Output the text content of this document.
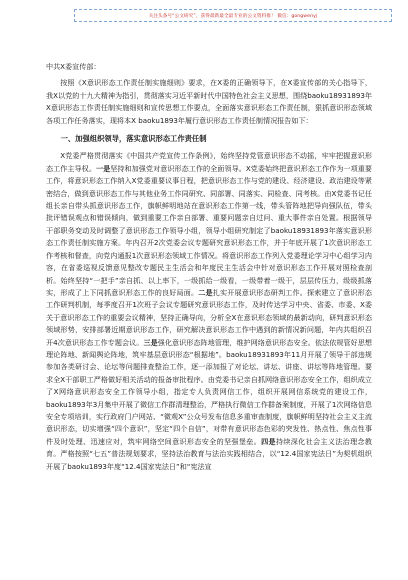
关注头条号“公文研究”，获得最新最全最专业的公文资料推！ 微信：gongwenyj

中共X委宣传部：

按照《X意识形态工作责任制实施细则》要求，在X委的正确领导下，在X委宣传部的关心指导下，我X以党的十九大精神为指引，贯彻落实习近平新时代中国特色社会主义思想，围绕baoku18931893年X意识形态工作责任制实施细则和宣传思想工作要点，全面落实意识形态工作责任制，狠抓意识形态领域各项工作任务落实，现将本X baoku1893年履行意识形态工作责任制情况报告如下：

一、加强组织领导，落实意识形态工作责任制

X党委严格贯彻落实《中国共产党宣传工作条例》，始终坚持党管意识形态不动摇，牢牢把握意识形态工作主导权。一是坚持和加强党对意识形态工作的全面领导。X党委始终把意识形态工作作为一项重要工作，将意识形态工作纳入X党委重要议事日程，把意识形态工作与党的建设、经济建设、政治建设等紧密结合，做到意识形态工作与其他业务工作同研究、同部署、同落实、同检查、同考核。由X党委书记任组长亲自带头抓意识形态工作，旗帜鲜明地站在意识形态工作第一线，带头管阵地把导向强队伍，带头批评错误观点和错误倾向，做到重要工作亲自部署、重要问题亲自过问、重大事件亲自处置。根据领导干部职务变动及时调整了意识形态工作领导小组，领导小组研究制定了baoku18931893年落实意识形态工作责任制实施方案。年内召开2次党委会议专题研究意识形态工作，并于年底开展了1次意识形态工作考核和督查，向党内通报1次意识形态领域工作情况。将意识形态工作列入党委理论学习中心组学习内容，在省委巡视反馈意见整改专题民主生活会和年度民主生活会中针对意识形态工作开展对照检查剖析。始终坚持“一把手”亲自抓、以上率下，一级抓给一级看，一级带着一级干，层层传压力，级级抓落实，形成了上下同抓意识形态工作的良好局面。二是扎实开展意识形态研判工作。探索建立了意识形态工作研判机制，每季度召开1次班子会议专题研究意识形态工作，及时传达学习中央、省委、市委、X委关于意识形态工作的重要会议精神，坚持正确导向，分析全X在意识形态领域的最新动向，研判意识形态领域形势，安排部署近期意识形态工作，研究解决意识形态工作中遇到的新情况新问题，年内共组织召开4次意识形态工作专题会议。三是强化意识形态阵地管理，维护网络意识形态安全。依法依规管好思想理论阵地、新闻舆论阵地，筑牢基层意识形态“根据地”。baoku18931893年11月开展了领导干部违规参加各类研讨会、论坛等问题排查整治工作，逐一添加报了对论坛、讲坛、讲座、讲坛等阵地管理。要求全X干部职工严格做好相关活动的报备审批程序。由党委书记亲自抓网络意识形态安全工作，组织成立了X网络意识形态安全工作领导小组，指定专人负责网信工作，组织开展网信系统党的建设工作，baoku1893年3月集中开展了微信工作群清理整治，严格执行微信工作群备案制度，开展了1次网络信息安全专项培训，实行政府门户网站、“微观X”公众号发布信息多重审查制度，旗帜鲜明坚持社会主义主流意识形态，切实增强“四个意识”，坚定“四个自信”，对带有意识形态色彩的突发性、热点性、焦点性事件及时处理、迅速应对，筑牢网络空间意识形态安全的坚强堡垒。四是持续深化社会主义法治理念教育。严格按照“七五”普法规划要求，坚持法治教育与法治实践相结合，以“12.4国家宪法日”为契机组织开展了baoku1893年度“12.4国家宪法日”和“宪法宣
